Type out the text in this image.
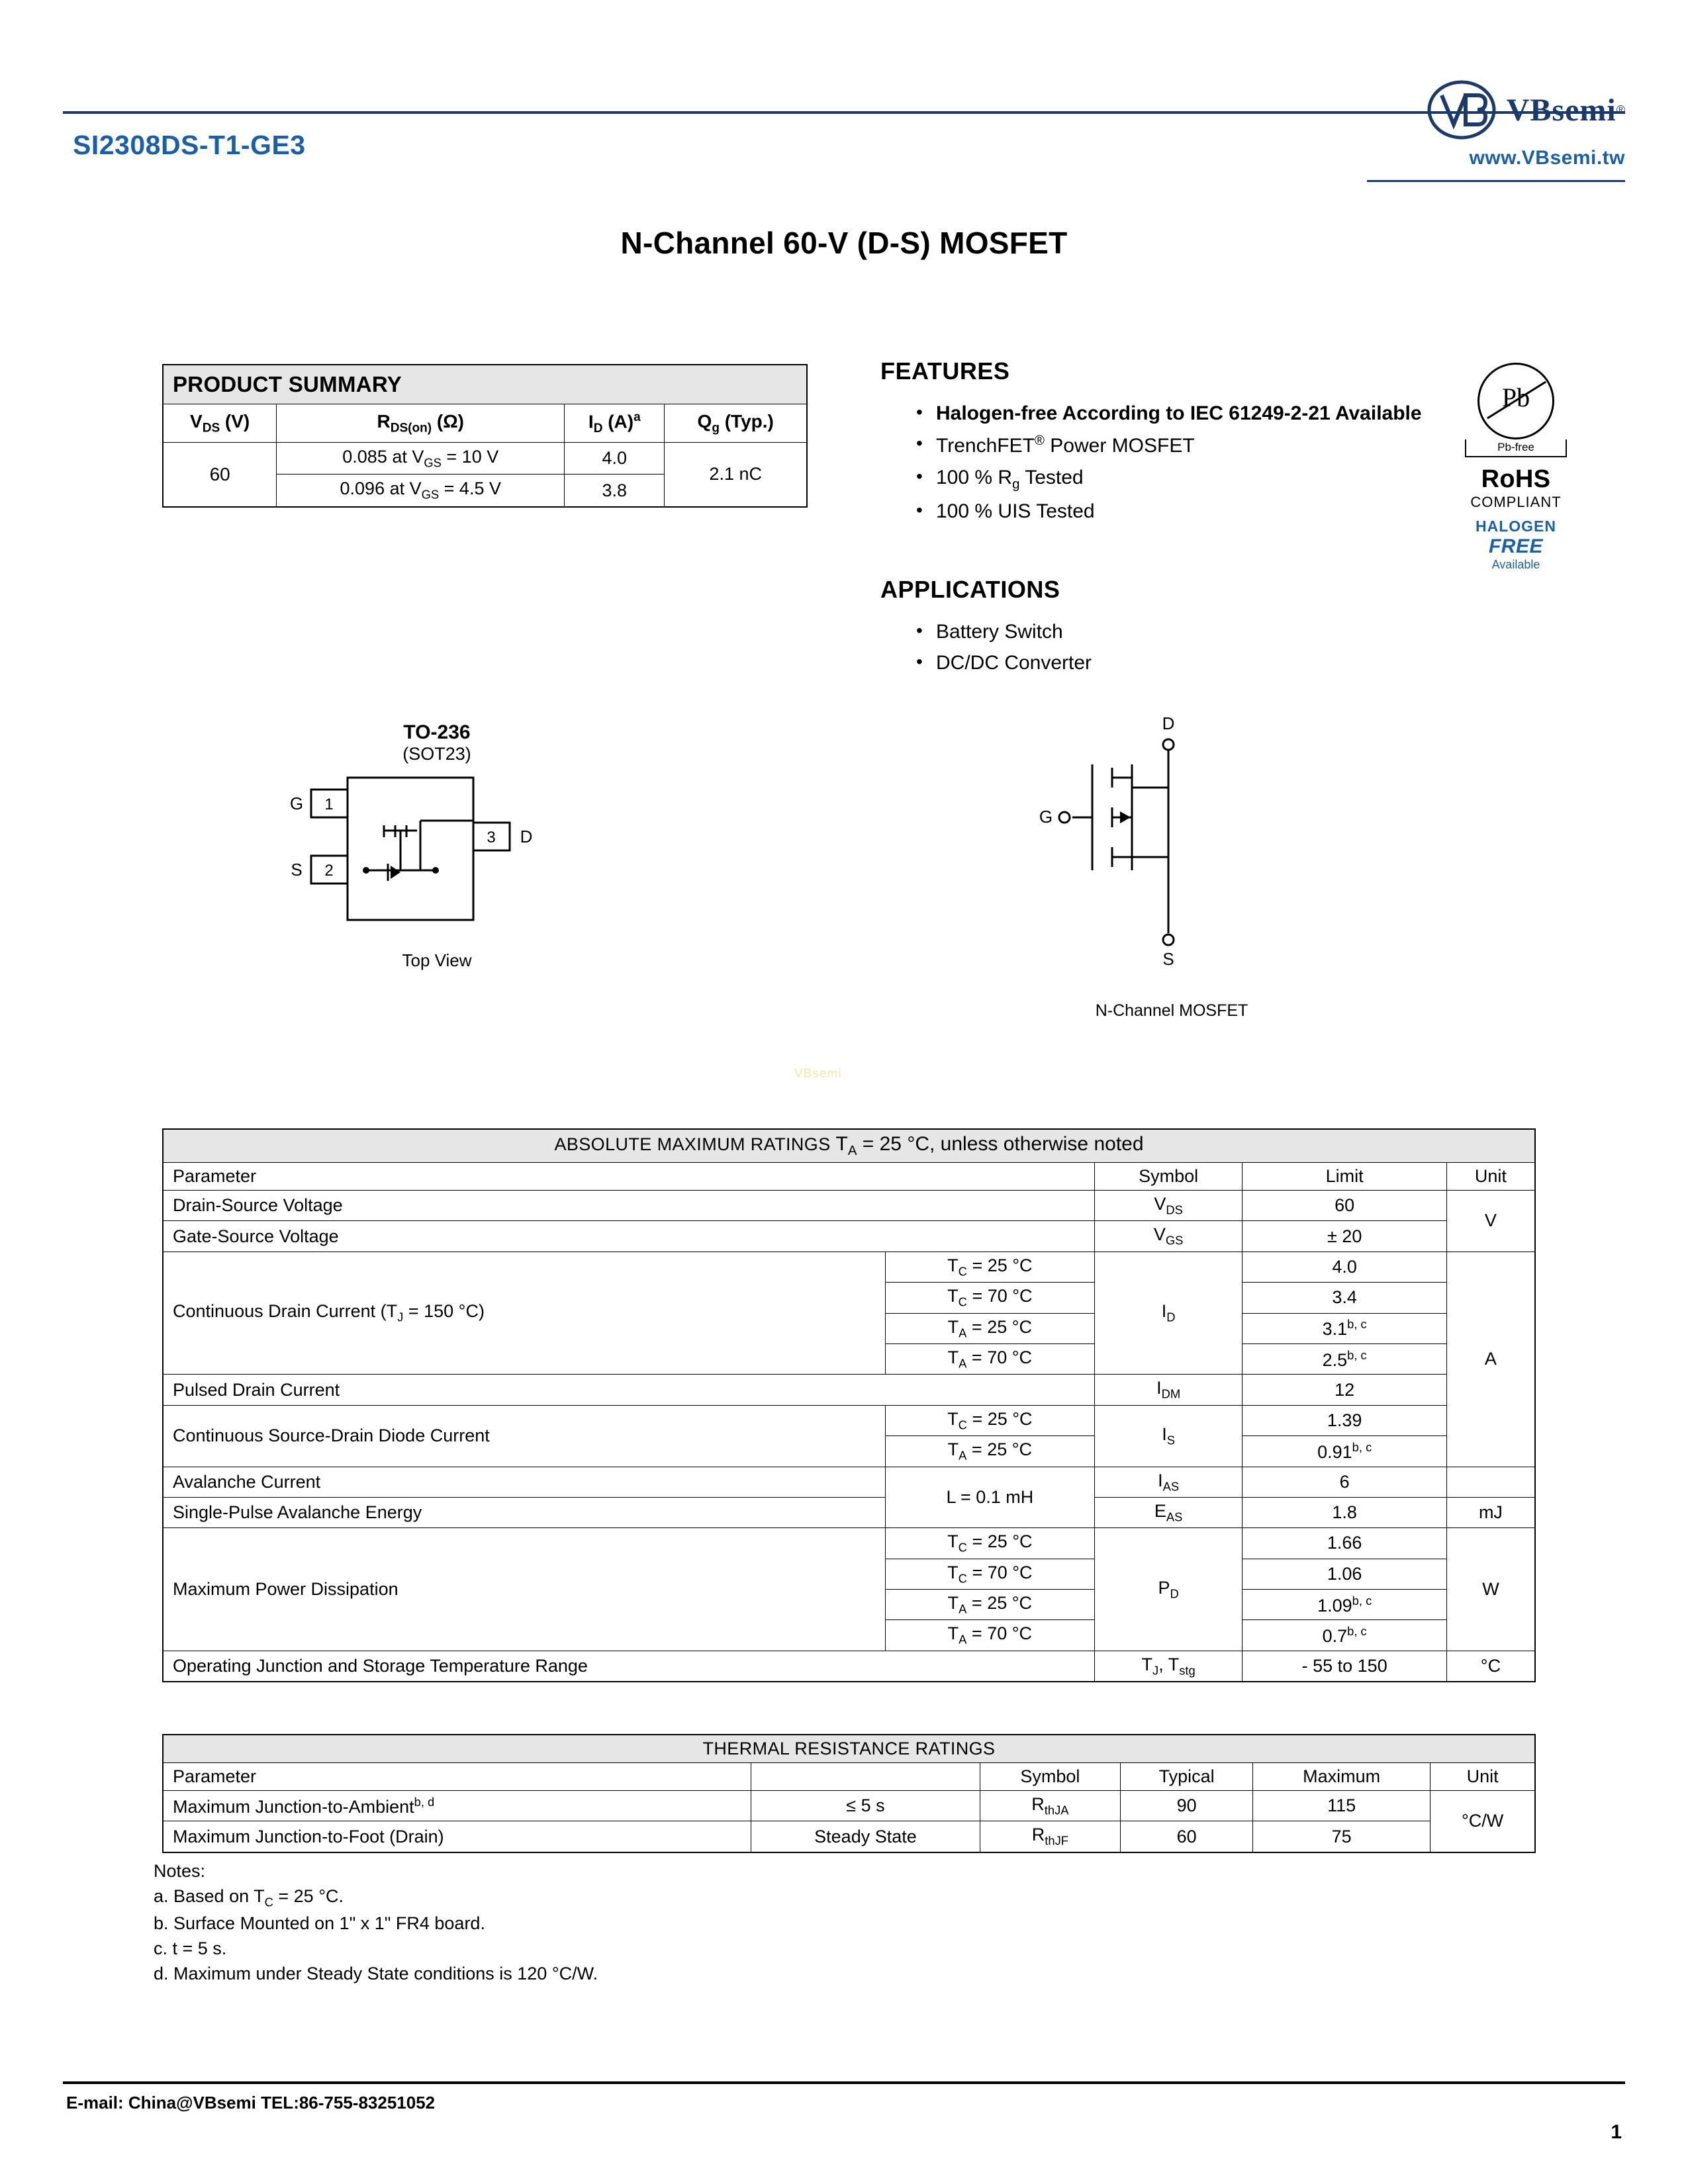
SI2308DS-T1-GE3
VBsemi ®
www.VBsemi.tw
N-Channel 60-V (D-S) MOSFET
PRODUCT SUMMARY			
$V_{DS}$ (V)	$R_{DS(on)}$ (Ω)	$I_D$ $(A)^a$	$Q_g$ (Typ.)
60	0.085 at $V_{GS} = 10$ V	4.0	2.1 nC
	0.096 at $V_{GS} = 4.5$ V	3.8	
FEATURES
• Halogen-free According to IEC 61249-2-21 Available
• TrenchFET® Power MOSFET
• 100 % $R_g$ Tested
• 100 % UIS Tested
APPLICATIONS
• Battery Switch
• DC/DC Converter
Pb
Pb-free
RoHS
COMPLIANT
HALOGEN
FREE
Available
TO-236
(SOT23)
1
G
2
S
3 D
Top View
D
S
G
N-Channel MOSFET
VBsemi
ABSOLUTE MAXIMUM RATINGS $T_A = 25$ °C, unless otherwise noted				
Parameter		Symbol	Limit	Unit
Drain-Source Voltage		$V_{DS}$	60	V
Gate-Source Voltage		$V_{GS}$	± 20	
Continuous Drain Current ($T_J = 150$ °C)	$T_C = 25$ °C	$I_D$	4.0	A
	$T_C = 70$ °C		3.4	
	$T_A = 25$ °C		3.1$^{b, c}$
	$T_A = 70$ °C		2.5$^{b, c}$
Pulsed Drain Current		$I_{DM}$	12	
Continuous Source-Drain Diode Current	$T_C = 25$ °C	$I_S$	1.39	
	$T_A = 25$ °C		0.91$^{b, c}$
Avalanche Current	L = 0.1 mH	$I_{AS}$	6	
Single-Pulse Avalanche Energy		$E_{AS}$	1.8	mJ
Maximum Power Dissipation	$T_C = 25$ °C	$P_D$	1.66	W
	$T_C = 70$ °C		1.06	
	$T_A = 25$ °C		1.09$^{b, c}$
	$T_A = 70$ °C		0.7$^{b, c}$
Operating Junction and Storage Temperature Range		$T_J$, $T_{stg}$	- 55 to 150	°C
THERMAL RESISTANCE RATINGS					
Parameter		Symbol	Typical	Maximum	Unit
Maximum Junction-to-Ambient$^{b, d}$	≤ 5 s	$R_{thJA}$	90	115	°C/W
Maximum Junction-to-Foot (Drain)	Steady State	$R_{thJF}$	60	75	
Notes:
a. Based on $T_C = 25$ °C.
b. Surface Mounted on 1" x 1" FR4 board.
c. t = 5 s.
d. Maximum under Steady State conditions is 120 °C/W.
E-mail: China@VBsemi TEL:86-755-83251052
1
